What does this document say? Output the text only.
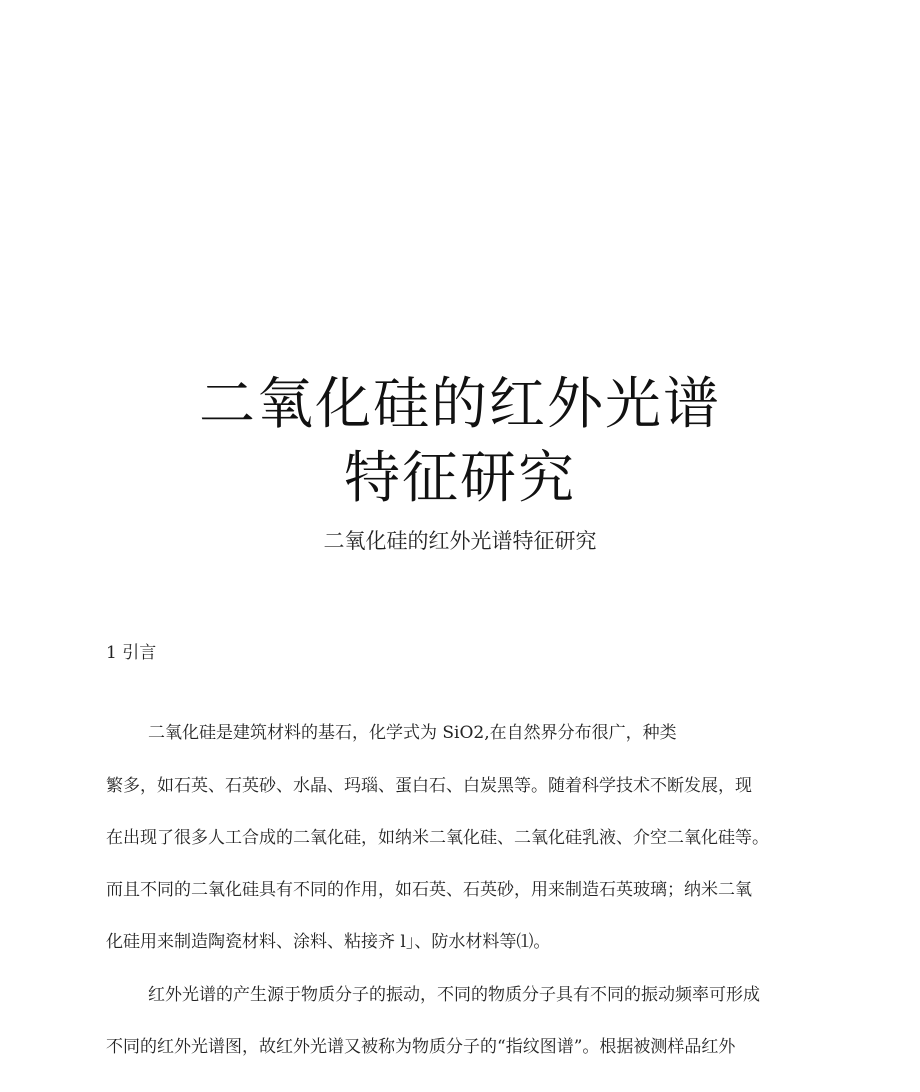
二氧化硅的红外光谱
特征研究
二氧化硅的红外光谱特征研究
1 引言
二氧化硅是建筑材料的基石，化学式为 SiO2,在自然界分布很广，种类
繁多，如石英、石英砂、水晶、玛瑙、蛋白石、白炭黑等。随着科学技术不断发展，现
在出现了很多人工合成的二氧化硅，如纳米二氧化硅、二氧化硅乳液、介空二氧化硅等。
而且不同的二氧化硅具有不同的作用，如石英、石英砂，用来制造石英玻璃；纳米二氧
化硅用来制造陶瓷材料、涂料、粘接齐 l」、防水材料等⑴。
红外光谱的产生源于物质分子的振动，不同的物质分子具有不同的振动频率可形成
不同的红外光谱图，故红外光谱又被称为物质分子的“指纹图谱”。根据被测样品红外
